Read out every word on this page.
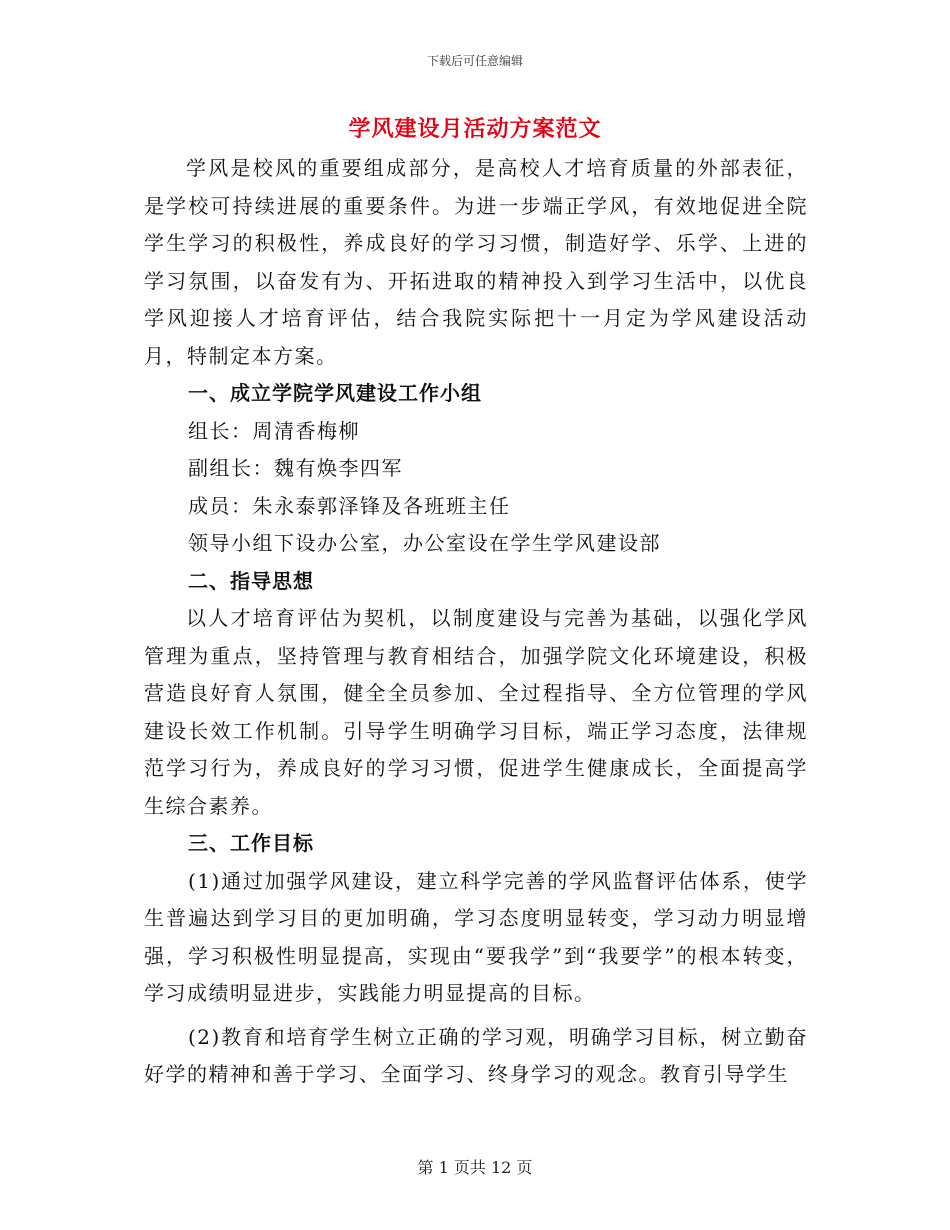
下载后可任意编辑
学风建设月活动方案范文

学风是校风的重要组成部分，是高校人才培育质量的外部表征，是学校可持续进展的重要条件。为进一步端正学风，有效地促进全院学生学习的积极性，养成良好的学习习惯，制造好学、乐学、上进的学习氛围，以奋发有为、开拓进取的精神投入到学习生活中，以优良学风迎接人才培育评估，结合我院实际把十一月定为学风建设活动月，特制定本方案。

一、成立学院学风建设工作小组

组长：周清香梅柳

副组长：魏有焕李四军

成员：朱永泰郭泽锋及各班班主任

领导小组下设办公室，办公室设在学生学风建设部

二、指导思想

以人才培育评估为契机，以制度建设与完善为基础，以强化学风管理为重点，坚持管理与教育相结合，加强学院文化环境建设，积极营造良好育人氛围，健全全员参加、全过程指导、全方位管理的学风建设长效工作机制。引导学生明确学习目标，端正学习态度，法律规范学习行为，养成良好的学习习惯，促进学生健康成长，全面提高学生综合素养。

三、工作目标

(1)通过加强学风建设，建立科学完善的学风监督评估体系，使学生普遍达到学习目的更加明确，学习态度明显转变，学习动力明显增强，学习积极性明显提高，实现由“要我学”到“我要学”的根本转变，学习成绩明显进步，实践能力明显提高的目标。

(2)教育和培育学生树立正确的学习观，明确学习目标，树立勤奋好学的精神和善于学习、全面学习、终身学习的观念。教育引导学生

第 1 页共 12 页
